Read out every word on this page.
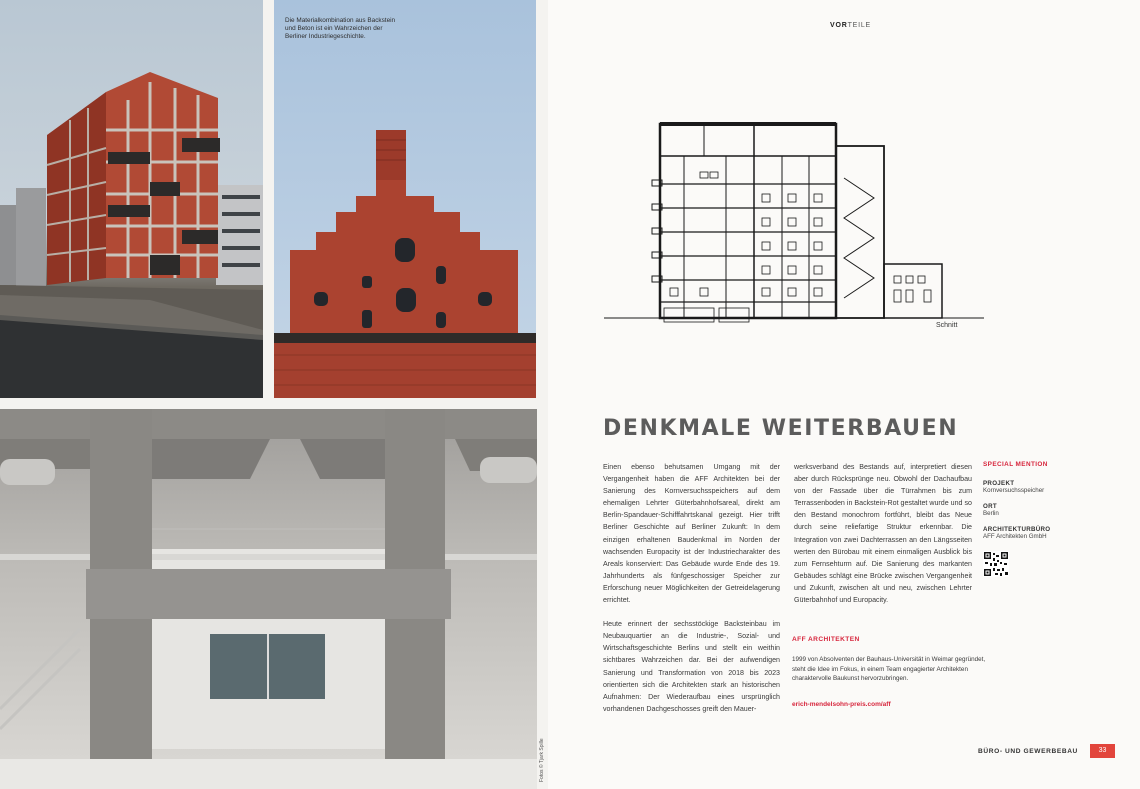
Die Materialkombination aus Backstein und Beton ist ein Wahrzeichen der Berliner Industriegeschichte.
Fotos © Tjark Spille
VORTEILE
Schnitt
DENKMALE WEITERBAUEN

Einen ebenso behutsamen Umgang mit der Vergangenheit haben die AFF Architekten bei der Sanierung des Kornversuchsspeichers auf dem ehemaligen Lehrter Güterbahnhofsareal, direkt am Berlin-Spandauer-Schifffahrtskanal gezeigt. Hier trifft Berliner Geschichte auf Berliner Zukunft: In dem einzigen erhaltenen Baudenkmal im Norden der wachsenden Europacity ist der Industriecharakter des Areals konserviert: Das Gebäude wurde Ende des 19. Jahrhunderts als fünfgeschossiger Speicher zur Erforschung neuer Möglichkeiten der Getreidelagerung errichtet.

Heute erinnert der sechsstöckige Backsteinbau im Neubauquartier an die Industrie-, Sozial- und Wirtschaftsgeschichte Berlins und stellt ein weithin sichtbares Wahrzeichen dar. Bei der aufwendigen Sanierung und Transformation von 2018 bis 2023 orientierten sich die Architekten stark an historischen Aufnahmen: Der Wiederaufbau eines ursprünglich vorhandenen Dachgeschosses greift den Mauer-

werksverband des Bestands auf, interpretiert diesen aber durch Rücksprünge neu. Obwohl der Dachaufbau von der Fassade über die Türrahmen bis zum Terrassenboden in Backstein-Rot gestaltet wurde und so den Bestand monochrom fortführt, bleibt das Neue durch seine reliefartige Struktur erkennbar. Die Integration von zwei Dachterrassen an den Längsseiten werten den Bürobau mit einem einmaligen Ausblick bis zum Fernsehturm auf. Die Sanierung des markanten Gebäudes schlägt eine Brücke zwischen Vergangenheit und Zukunft, zwischen alt und neu, zwischen Lehrter Güterbahnhof und Europacity.

SPECIAL MENTION
PROJEKT
Kornversuchsspeicher
ORT
Berlin
ARCHITEKTURBÜRO
AFF Architekten GmbH
AFF ARCHITEKTEN
1999 von Absolventen der Bauhaus-Universität in Weimar gegründet, steht die Idee im Fokus, in einem Team engagierter Architekten charaktervolle Baukunst hervorzubringen.
erich-mendelsohn-preis.com/aff
BÜRO- UND GEWERBEBAU	33
